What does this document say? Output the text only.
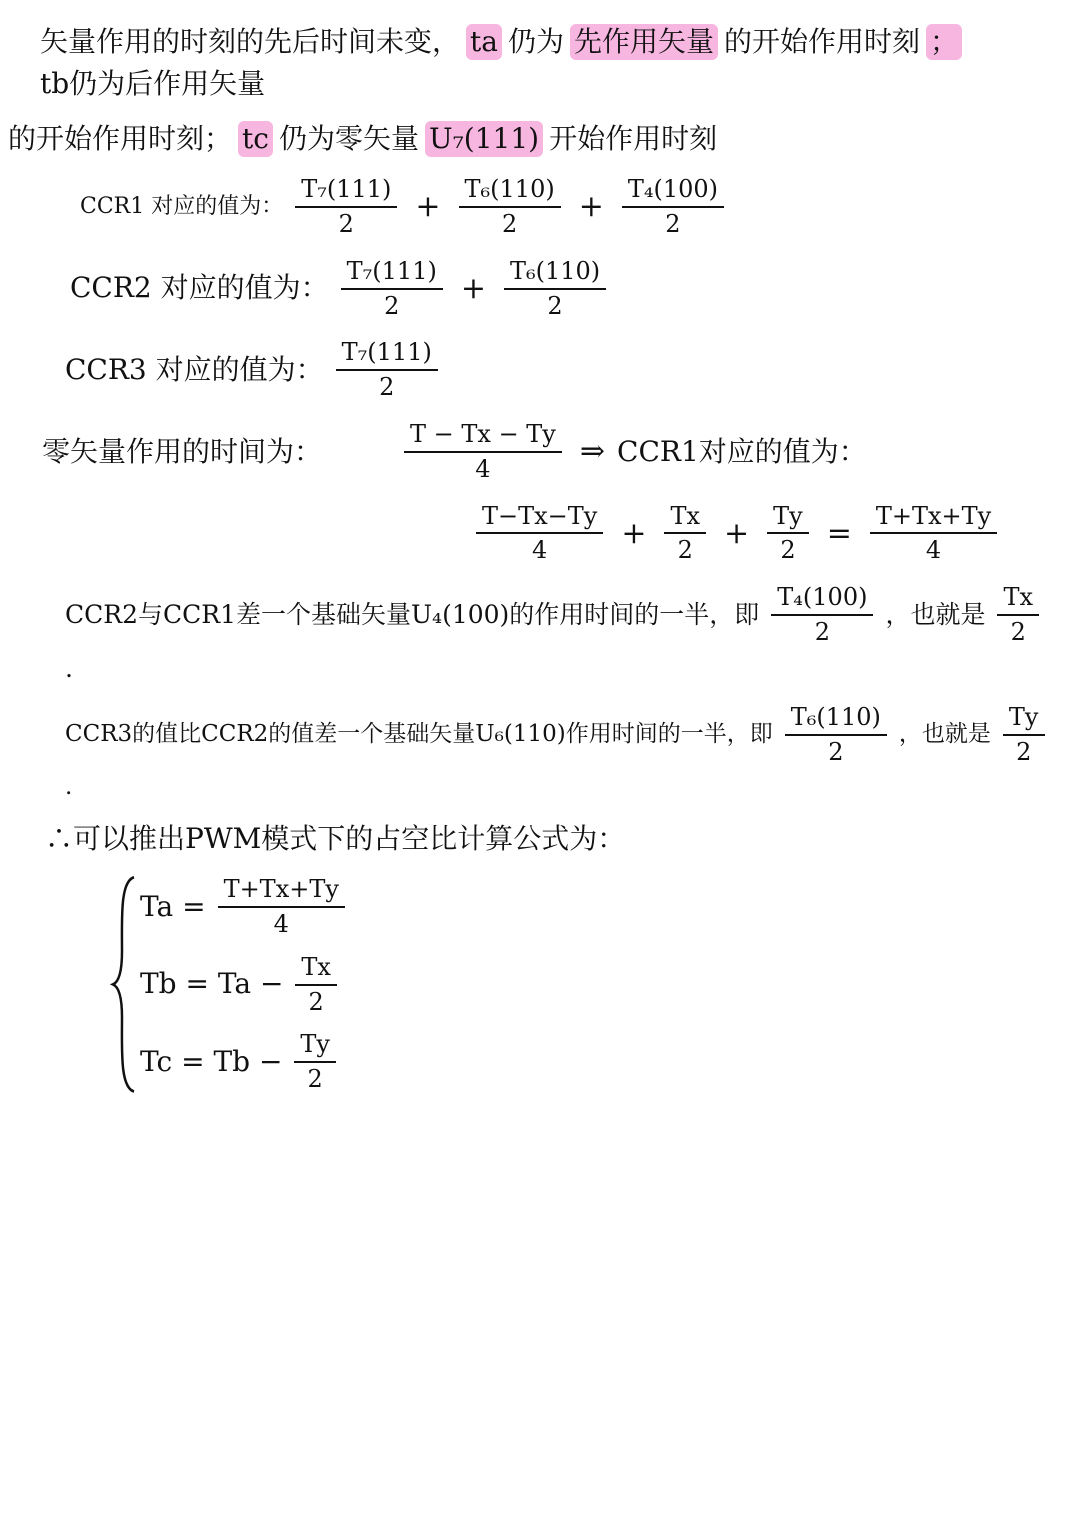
矢量作用的时刻的先后时间未变， ta 仍为 先作用矢量 的开始作用时刻 ；
tb仍为后作用矢量
的开始作用时刻； tc 仍为零矢量 U₇(111) 开始作用时刻
CCR1 对应的值为： $\frac{\text{T₇(111)}}{2} + \frac{\text{T₆(110)}}{2} + \frac{\text{T₄(100)}}{2}$
CCR2 对应的值为： $\frac{\text{T₇(111)}}{2} + \frac{\text{T₆(110)}}{2}$
CCR3 对应的值为： $\frac{\text{T₇(111)}}{2}$
零矢量作用的时间为：	$\frac{T - Tx - Ty}{4}$ ⇒ CCR1对应的值为：
$\frac{T-Tx-Ty}{4} + \frac{Tx}{2} + \frac{Ty}{2} = \frac{T+Tx+Ty}{4}$
CCR2与CCR1差一个基础矢量U₄(100)的作用时间的一半，即 $\frac{\text{T₄(100)}}{2}$ ，也就是 $\frac{Tx}{2}$
.
CCR3的值比CCR2的值差一个基础矢量U₆(110)作用时间的一半，即 $\frac{\text{T₆(110)}}{2}$ ，也就是 $\frac{Ty}{2}$
.
∴可以推出PWM模式下的占空比计算公式为：
$Ta = \frac{T+Tx+Ty}{4}$
$Tb = Ta - \frac{Tx}{2}$
$Tc = Tb - \frac{Ty}{2}$
